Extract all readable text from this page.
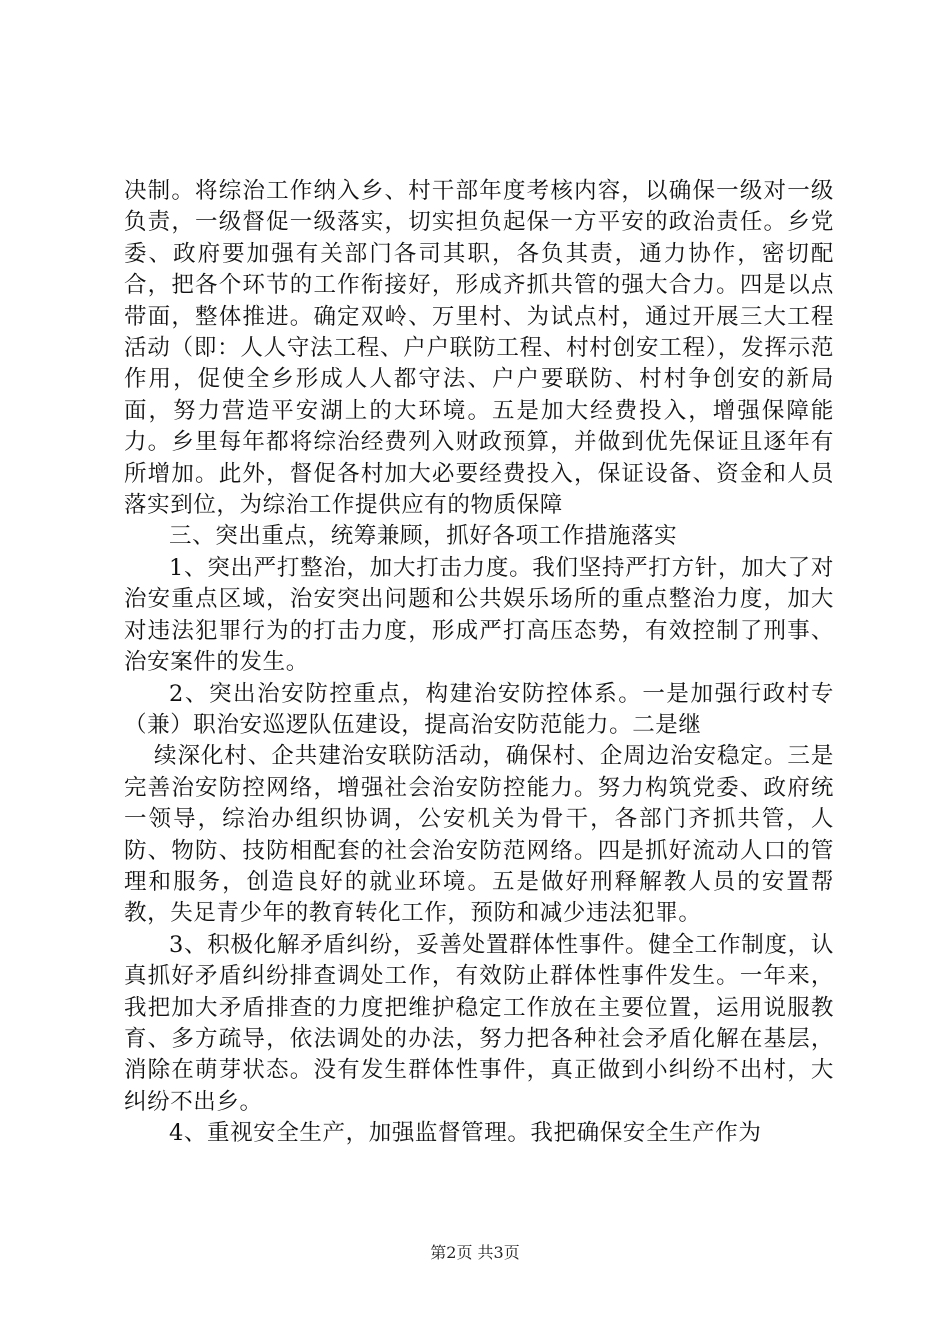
决制。将综治工作纳入乡、村干部年度考核内容，以确保一级对一级负责，一级督促一级落实，切实担负起保一方平安的政治责任。乡党委、政府要加强有关部门各司其职，各负其责，通力协作，密切配合，把各个环节的工作衔接好，形成齐抓共管的强大合力。四是以点带面，整体推进。确定双岭、万里村、为试点村，通过开展三大工程活动（即：人人守法工程、户户联防工程、村村创安工程），发挥示范作用，促使全乡形成人人都守法、户户要联防、村村争创安的新局面，努力营造平安湖上的大环境。五是加大经费投入，增强保障能力。乡里每年都将综治经费列入财政预算，并做到优先保证且逐年有所增加。此外，督促各村加大必要经费投入，保证设备、资金和人员落实到位，为综治工作提供应有的物质保障

三、突出重点，统筹兼顾，抓好各项工作措施落实

1、突出严打整治，加大打击力度。我们坚持严打方针，加大了对治安重点区域，治安突出问题和公共娱乐场所的重点整治力度，加大对违法犯罪行为的打击力度，形成严打高压态势，有效控制了刑事、治安案件的发生。

2、突出治安防控重点，构建治安防控体系。一是加强行政村专（兼）职治安巡逻队伍建设，提高治安防范能力。二是继

续深化村、企共建治安联防活动，确保村、企周边治安稳定。三是完善治安防控网络，增强社会治安防控能力。努力构筑党委、政府统一领导，综治办组织协调，公安机关为骨干，各部门齐抓共管，人防、物防、技防相配套的社会治安防范网络。四是抓好流动人口的管理和服务，创造良好的就业环境。五是做好刑释解教人员的安置帮教，失足青少年的教育转化工作，预防和减少违法犯罪。

3、积极化解矛盾纠纷，妥善处置群体性事件。健全工作制度，认真抓好矛盾纠纷排查调处工作，有效防止群体性事件发生。一年来，我把加大矛盾排查的力度把维护稳定工作放在主要位置，运用说服教育、多方疏导，依法调处的办法，努力把各种社会矛盾化解在基层，消除在萌芽状态。没有发生群体性事件，真正做到小纠纷不出村，大纠纷不出乡。

4、重视安全生产，加强监督管理。我把确保安全生产作为

第2页 共3页
